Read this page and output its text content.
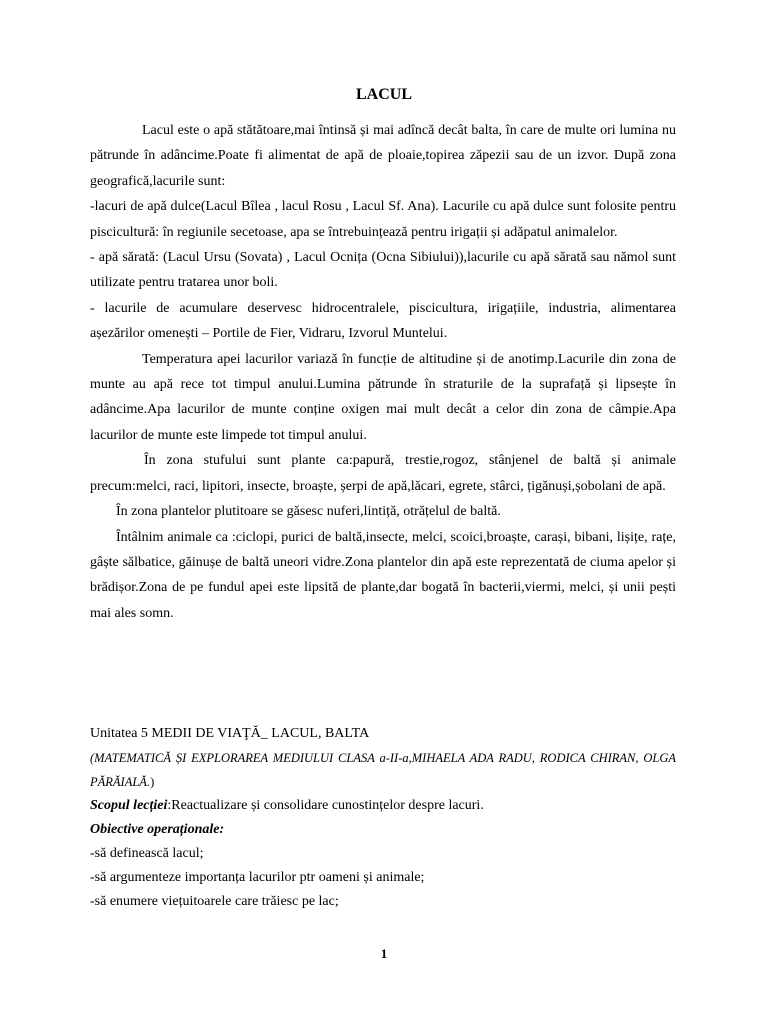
LACUL

Lacul este o apă stătătoare,mai întinsă și mai adîncă decât balta, în care de multe ori lumina nu pătrunde în adâncime.Poate fi alimentat de apă de ploaie,topirea zăpezii sau de un izvor. După zona geografică,lacurile sunt:

-lacuri de apă dulce(Lacul Bîlea , lacul Rosu , Lacul Sf. Ana). Lacurile cu apă dulce sunt folosite pentru piscicultură: în regiunile secetoase, apa se întrebuințează pentru irigații și adăpatul animalelor.

- apă sărată: (Lacul Ursu (Sovata) , Lacul Ocnița (Ocna Sibiului)),lacurile cu apă sărată sau nămol sunt utilizate pentru tratarea unor boli.

- lacurile de acumulare deservesc hidrocentralele, piscicultura, irigațiile, industria, alimentarea așezărilor omenești – Portile de Fier, Vidraru, Izvorul Muntelui.

Temperatura apei lacurilor variază în funcție de altitudine și de anotimp.Lacurile din zona de munte au apă rece tot timpul anului.Lumina pătrunde în straturile de la suprafață și lipsește în adâncime.Apa lacurilor de munte conține oxigen mai mult decât a celor din zona de câmpie.Apa lacurilor de munte este limpede tot timpul anului.

În zona stufului sunt plante ca:papură, trestie,rogoz, stânjenel de baltă și animale precum:melci, raci, lipitori, insecte, broaște, șerpi de apă,lăcari, egrete, stârci, țigănuși,șobolani de apă.

În zona plantelor plutitoare se găsesc nuferi,lintiță, otrățelul de baltă.

Întâlnim animale ca :ciclopi, purici de baltă,insecte, melci, scoici,broaște, carași, bibani, lișițe, rațe, gâște sălbatice, găinușe de baltă uneori vidre.Zona plantelor din apă este reprezentată de ciuma apelor și brădișor.Zona de pe fundul apei este lipsită de plante,dar bogată în bacterii,viermi, melci, și unii pești mai ales somn.

Unitatea 5 MEDII DE VIAŢĂ_ LACUL, BALTA

(MATEMATICĂ ȘI EXPLORAREA MEDIULUI CLASA a-II-a,MIHAELA ADA RADU, RODICA CHIRAN, OLGA PĂRĂIALĂ.)

Scopul lecției:Reactualizare și consolidare cunostințelor despre lacuri.

Obiective operaționale:

-să definească lacul;

-să argumenteze importanța lacurilor ptr oameni și animale;

-să enumere viețuitoarele care trăiesc pe lac;

1
